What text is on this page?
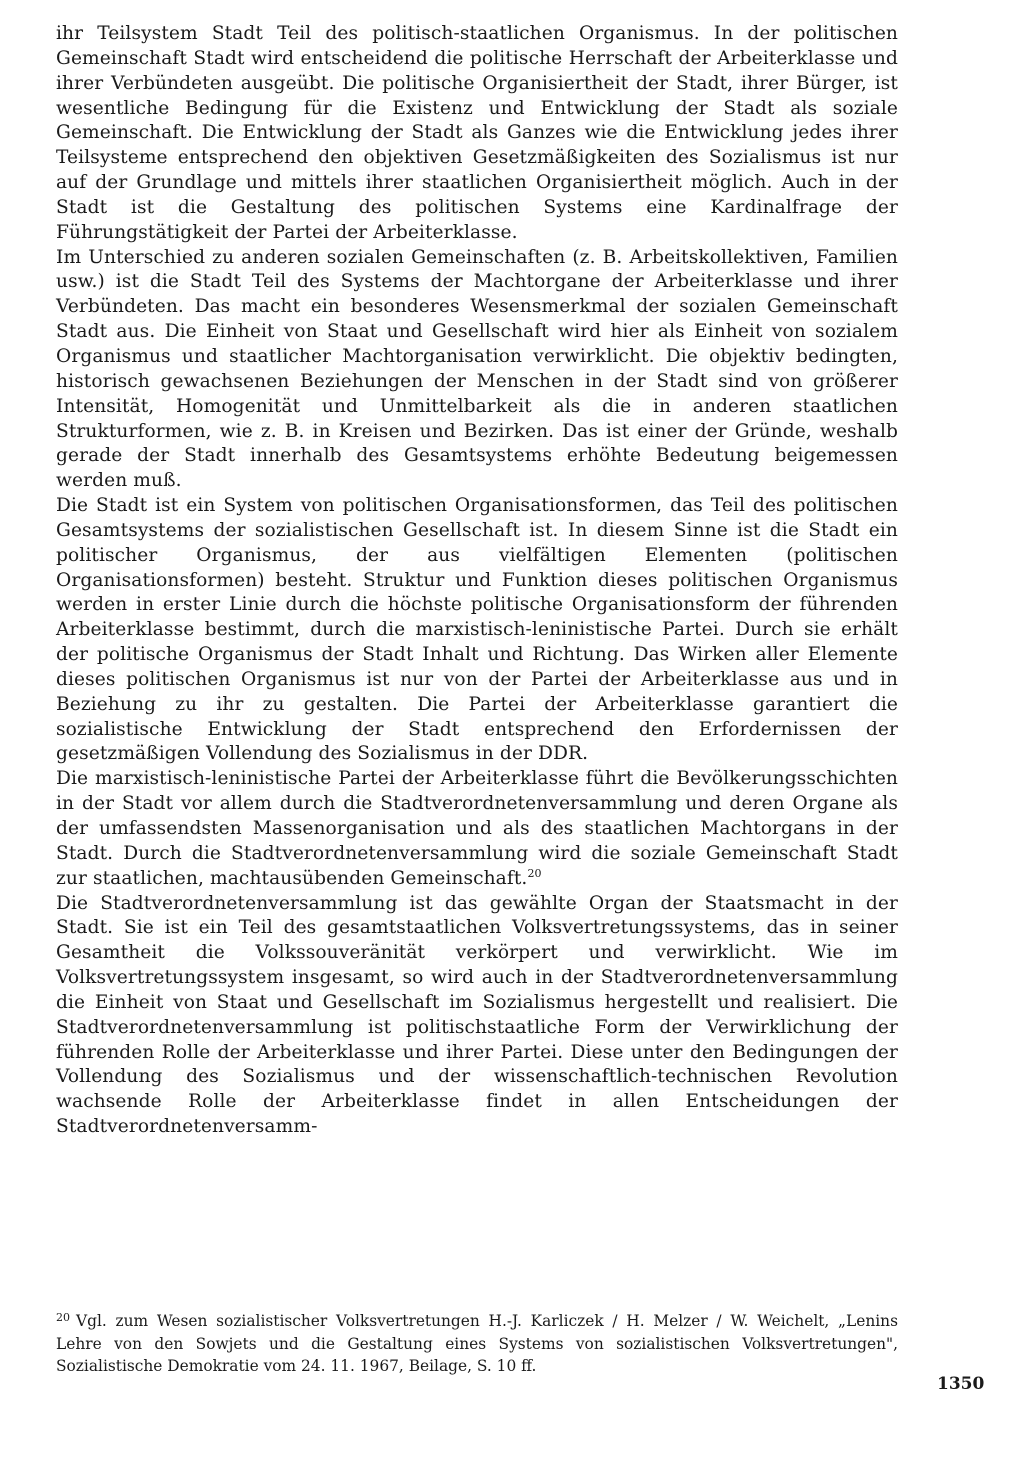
ihr Teilsystem Stadt Teil des politisch-staatlichen Organismus. In der politischen Gemeinschaft Stadt wird entscheidend die politische Herrschaft der Arbeiterklasse und ihrer Verbündeten ausgeübt. Die politische Organisiertheit der Stadt, ihrer Bürger, ist wesentliche Bedingung für die Existenz und Entwicklung der Stadt als soziale Gemeinschaft. Die Entwicklung der Stadt als Ganzes wie die Entwicklung jedes ihrer Teilsysteme entsprechend den objektiven Gesetzmäßigkeiten des Sozialismus ist nur auf der Grundlage und mittels ihrer staatlichen Organisiertheit möglich. Auch in der Stadt ist die Gestaltung des politischen Systems eine Kardinalfrage der Führungstätigkeit der Partei der Arbeiterklasse.

Im Unterschied zu anderen sozialen Gemeinschaften (z. B. Arbeitskollektiven, Familien usw.) ist die Stadt Teil des Systems der Machtorgane der Arbeiterklasse und ihrer Verbündeten. Das macht ein besonderes Wesensmerkmal der sozialen Gemeinschaft Stadt aus. Die Einheit von Staat und Gesellschaft wird hier als Einheit von sozialem Organismus und staatlicher Machtorganisation verwirklicht. Die objektiv bedingten, historisch gewachsenen Beziehungen der Menschen in der Stadt sind von größerer Intensität, Homogenität und Unmittelbarkeit als die in anderen staatlichen Strukturformen, wie z. B. in Kreisen und Bezirken. Das ist einer der Gründe, weshalb gerade der Stadt innerhalb des Gesamtsystems erhöhte Bedeutung beigemessen werden muß.

Die Stadt ist ein System von politischen Organisationsformen, das Teil des politischen Gesamtsystems der sozialistischen Gesellschaft ist. In diesem Sinne ist die Stadt ein politischer Organismus, der aus vielfältigen Elementen (politischen Organisationsformen) besteht. Struktur und Funktion dieses politischen Organismus werden in erster Linie durch die höchste politische Organisationsform der führenden Arbeiterklasse bestimmt, durch die marxistisch-leninistische Partei. Durch sie erhält der politische Organismus der Stadt Inhalt und Richtung. Das Wirken aller Elemente dieses politischen Organismus ist nur von der Partei der Arbeiterklasse aus und in Beziehung zu ihr zu gestalten. Die Partei der Arbeiterklasse garantiert die sozialistische Entwicklung der Stadt entsprechend den Erfordernissen der gesetzmäßigen Vollendung des Sozialismus in der DDR.

Die marxistisch-leninistische Partei der Arbeiterklasse führt die Bevölkerungsschichten in der Stadt vor allem durch die Stadtverordnetenversammlung und deren Organe als der umfassendsten Massenorganisation und als des staatlichen Machtorgans in der Stadt. Durch die Stadtverordnetenversammlung wird die soziale Gemeinschaft Stadt zur staatlichen, machtausübenden Gemeinschaft.$^{20}$

Die Stadtverordnetenversammlung ist das gewählte Organ der Staatsmacht in der Stadt. Sie ist ein Teil des gesamtstaatlichen Volksvertretungssystems, das in seiner Gesamtheit die Volkssouveränität verkörpert und verwirklicht. Wie im Volksvertretungssystem insgesamt, so wird auch in der Stadtverordnetenversammlung die Einheit von Staat und Gesellschaft im Sozialismus hergestellt und realisiert. Die Stadtverordnetenversammlung ist politischstaatliche Form der Verwirklichung der führenden Rolle der Arbeiterklasse und ihrer Partei. Diese unter den Bedingungen der Vollendung des Sozialismus und der wissenschaftlich-technischen Revolution wachsende Rolle der Arbeiterklasse findet in allen Entscheidungen der Stadtverordnetenversamm-

$^{20}$ Vgl. zum Wesen sozialistischer Volksvertretungen H.-J. Karliczek / H. Melzer / W. Weichelt, „Lenins Lehre von den Sowjets und die Gestaltung eines Systems von sozialistischen Volksvertretungen", Sozialistische Demokratie vom 24. 11. 1967, Beilage, S. 10 ff.

1350
